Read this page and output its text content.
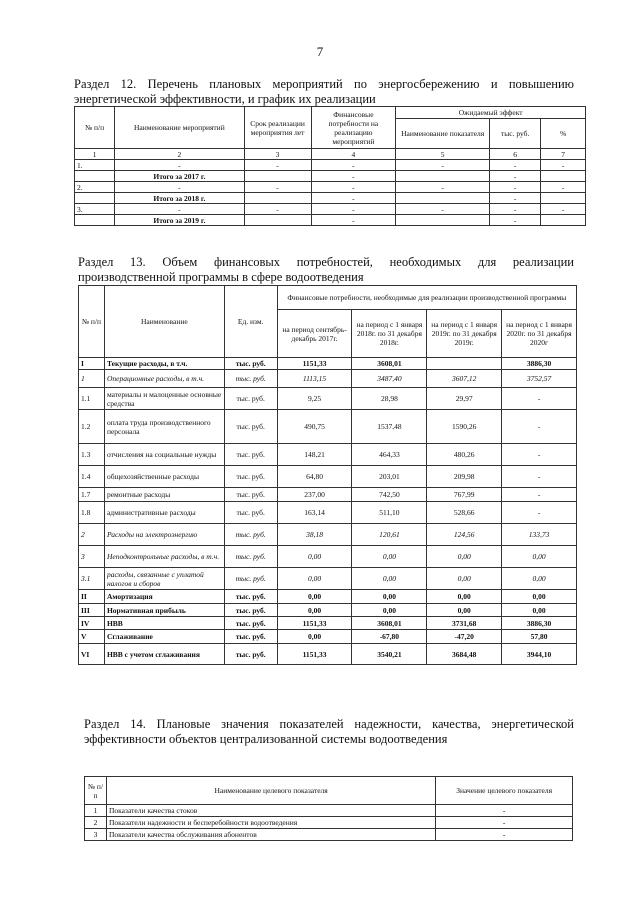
7
Раздел 12. Перечень плановых мероприятий по энергосбережению и повышению энергетической эффективности, и график их реализации
№ п/п	Наименование мероприятий	Срок реализации мероприятия лет	Финансовые потребности на реализацию мероприятий	Ожидаемый эффект		
				Наименование показателя	тыс. руб.	%
1	2	3	4	5	6	7
1.	-	-	-	-	-	-
	Итого за 2017 г.		-		-	
2.	-	-	-	-	-	-
	Итого за 2018 г.		-		-	
3.	-	-	-	-	-	-
	Итого за 2019 г.		-		-	
Раздел 13. Объем финансовых потребностей, необходимых для реализации производственной программы в сфере водоотведения
№ п/п	Наименование	Ед. изм.	Финансовые потребности, необходимые для реализации производственной программы			
			на период сентябрь-декабрь 2017г.	на период с 1 января 2018г. по 31 декабря 2018г.	на период с 1 января 2019г. по 31 декабря 2019г.	на период с 1 января 2020г. по 31 декабря 2020г
I	Текущие расходы, в т.ч.	тыс. руб.	1151,33	3608,01		3886,30
1	Операционные расходы, в т.ч.	тыс. руб.	1113,15	3487,40	3607,12	3752,57
1.1	материалы и малоценные основные средства	тыс. руб.	9,25	28,98	29,97	-
1.2	оплата труда производственного персонала	тыс. руб.	490,75	1537,48	1590,26	-
1.3	отчисления на социальные нужды	тыс. руб.	148,21	464,33	480,26	-
1.4	общехозяйственные расходы	тыс. руб.	64,80	203,01	209,98	-
1.7	ремонтные расходы	тыс. руб.	237,00	742,50	767,99	-
1.8	административные расходы	тыс. руб.	163,14	511,10	528,66	-
2	Расходы на электроэнергию	тыс. руб.	38,18	120,61	124,56	133,73
3	Неподконтрольные расходы, в т.ч.	тыс. руб.	0,00	0,00	0,00	0,00
3.1	расходы, связанные с уплатой налогов и сборов	тыс. руб.	0,00	0,00	0,00	0,00
II	Амортизация	тыс. руб.	0,00	0,00	0,00	0,00
III	Нормативная прибыль	тыс. руб.	0,00	0,00	0,00	0,00
IV	НВВ	тыс. руб.	1151,33	3608,01	3731,68	3886,30
V	Сглаживание	тыс. руб.	0,00	-67,80	-47,20	57,80
VI	НВВ с учетом сглаживания	тыс. руб.	1151,33	3540,21	3684,48	3944,10
Раздел 14. Плановые значения показателей надежности, качества, энергетической эффективности объектов централизованной системы водоотведения
№ п/п	Наименование целевого показателя	Значение целевого показателя
1	Показатели качества стоков	-
2	Показатели надежности и бесперебойности водоотведения	-
3	Показатели качества обслуживания абонентов	-
